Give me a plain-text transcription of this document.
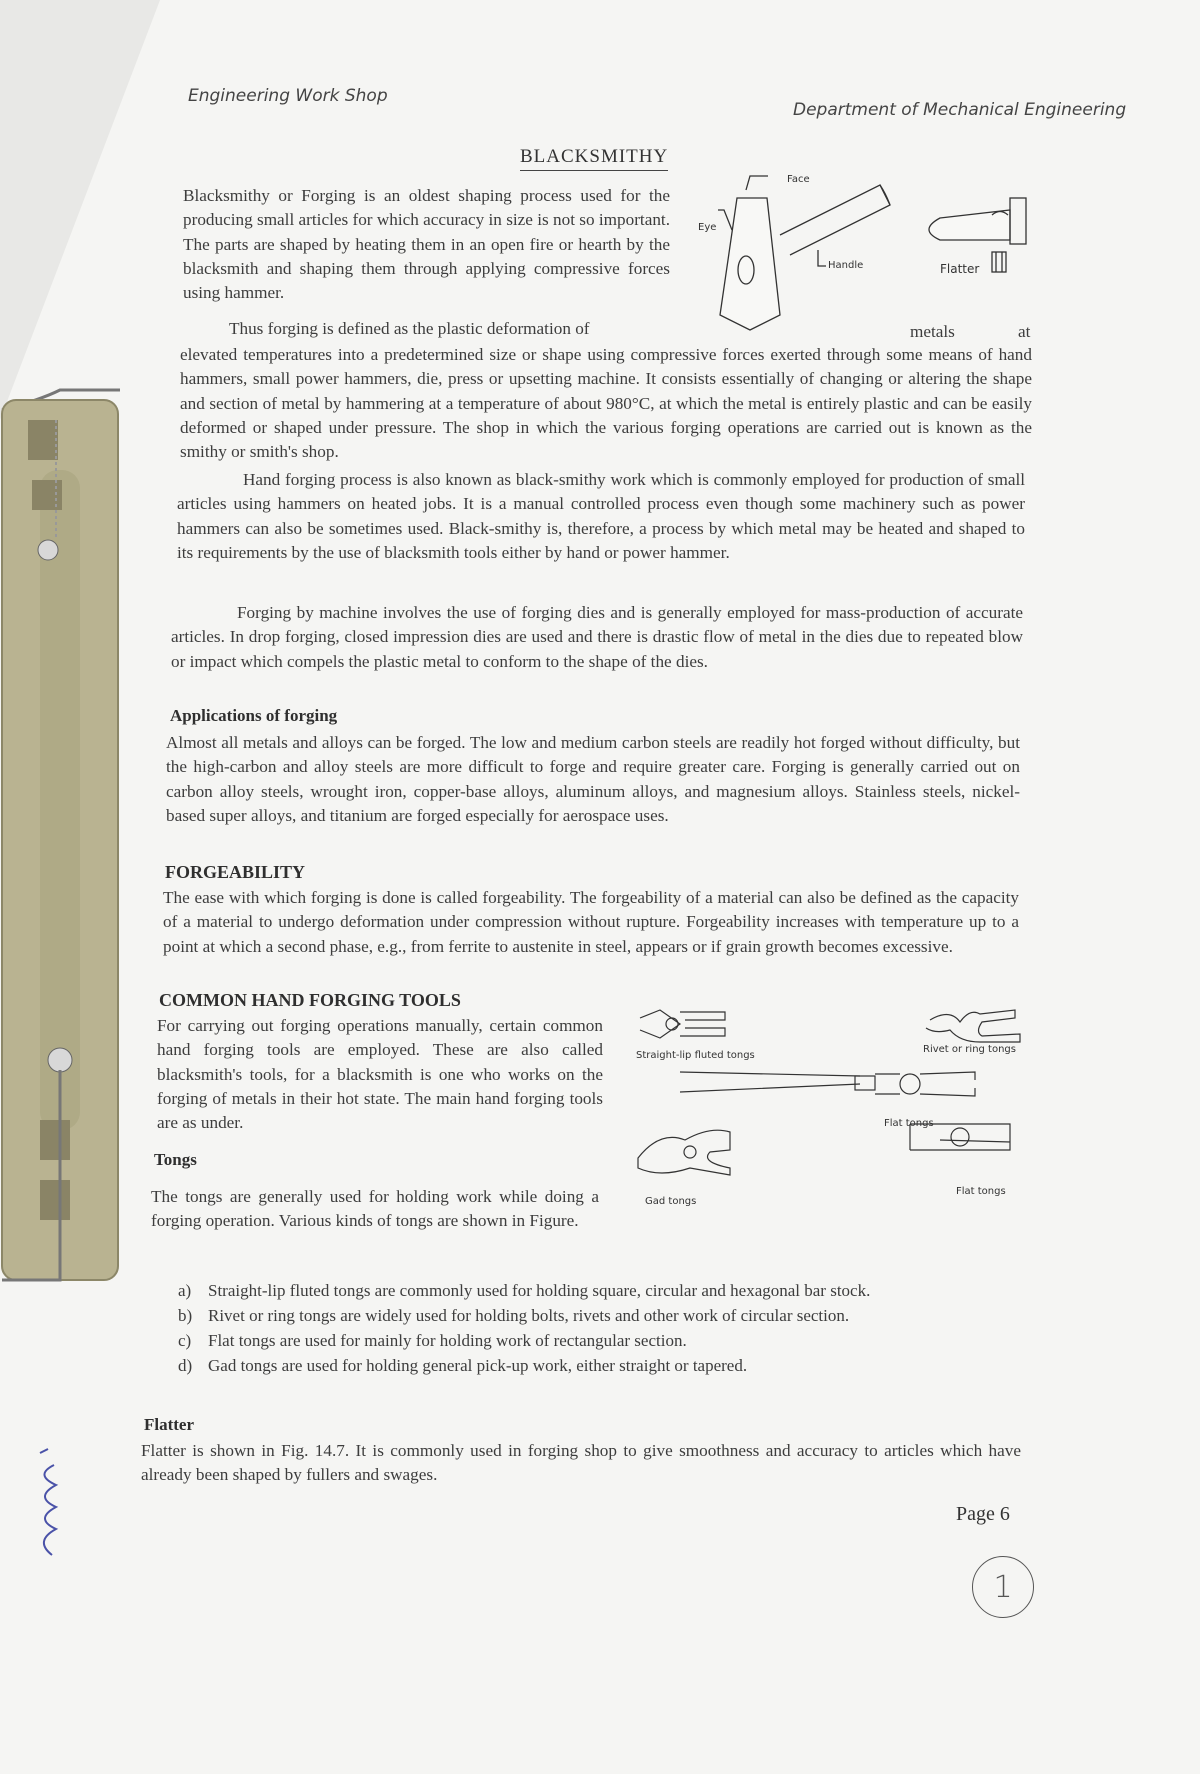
Engineering Work Shop
Department of Mechanical Engineering
BLACKSMITHY
Blacksmithy or Forging is an oldest shaping process used for the producing small articles for which accuracy in size is not so important. The parts are shaped by heating them in an open fire or hearth by the blacksmith and shaping them through applying compressive forces using hammer.
Thus forging is defined as the plastic deformation of	metals	at
elevated temperatures into a predetermined size or shape using compressive forces exerted through some means of hand hammers, small power hammers, die, press or upsetting machine. It consists essentially of changing or altering the shape and section of metal by hammering at a temperature of about 980°C, at which the metal is entirely plastic and can be easily deformed or shaped under pressure. The shop in which the various forging operations are carried out is known as the smithy or smith's shop.
Hand forging process is also known as black-smithy work which is commonly employed for production of small articles using hammers on heated jobs. It is a manual controlled process even though some machinery such as power hammers can also be sometimes used. Black-smithy is, therefore, a process by which metal may be heated and shaped to its requirements by the use of blacksmith tools either by hand or power hammer.
Forging by machine involves the use of forging dies and is generally employed for mass-production of accurate articles. In drop forging, closed impression dies are used and there is drastic flow of metal in the dies due to repeated blow or impact which compels the plastic metal to conform to the shape of the dies.
Applications of forging
Almost all metals and alloys can be forged. The low and medium carbon steels are readily hot forged without difficulty, but the high-carbon and alloy steels are more difficult to forge and require greater care. Forging is generally carried out on carbon alloy steels, wrought iron, copper-base alloys, aluminum alloys, and magnesium alloys. Stainless steels, nickel-based super alloys, and titanium are forged especially for aerospace uses.
FORGEABILITY
The ease with which forging is done is called forgeability. The forgeability of a material can also be defined as the capacity of a material to undergo deformation under compression without rupture. Forgeability increases with temperature up to a point at which a second phase, e.g., from ferrite to austenite in steel, appears or if grain growth becomes excessive.
COMMON HAND FORGING TOOLS
For carrying out forging operations manually, certain common hand forging tools are employed. These are also called blacksmith's tools, for a blacksmith is one who works on the forging of metals in their hot state. The main hand forging tools are as under.
Tongs
The tongs are generally used for holding work while doing a forging operation. Various kinds of tongs are shown in Figure.
a) Straight-lip fluted tongs are commonly used for holding square, circular and hexagonal bar stock.
b) Rivet or ring tongs are widely used for holding bolts, rivets and other work of circular section.
c) Flat tongs are used for mainly for holding work of rectangular section.
d) Gad tongs are used for holding general pick-up work, either straight or tapered.
Flatter
Flatter is shown in Fig. 14.7. It is commonly used in forging shop to give smoothness and accuracy to articles which have already been shaped by fullers and swages.
Page 6
1
Face
Eye
Handle	Flatter
Straight-lip fluted tongs
Rivet or ring tongs
Flat tongs
Gad tongs
Flat tongs
